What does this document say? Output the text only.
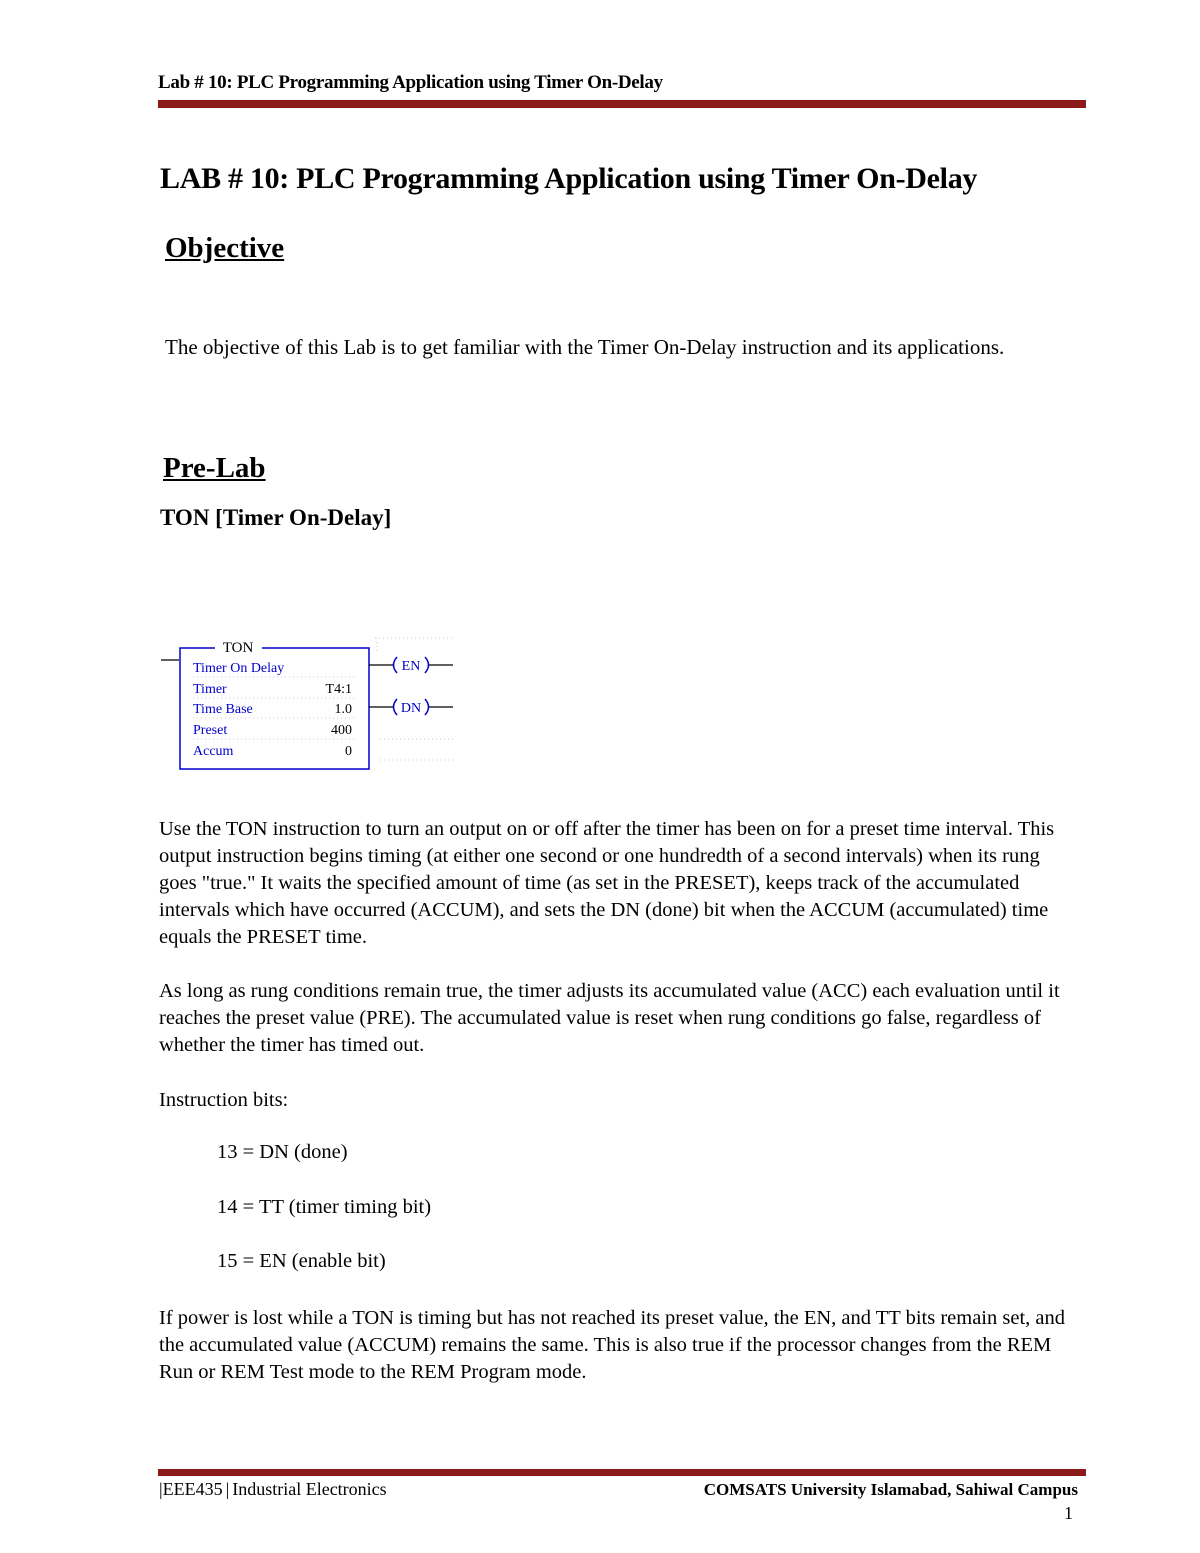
Lab # 10: PLC Programming Application using Timer On-Delay
LAB # 10: PLC Programming Application using Timer On-Delay
Objective
The objective of this Lab is to get familiar with the Timer On-Delay instruction and its applications.
Pre-Lab
TON [Timer On-Delay]
TON
Timer On Delay
Timer	T4:1
Time Base	1.0
Preset	400
Accum	0
EN
DN
Use the TON instruction to turn an output on or off after the timer has been on for a preset time interval. This output instruction begins timing (at either one second or one hundredth of a second intervals) when its rung goes "true." It waits the specified amount of time (as set in the PRESET), keeps track of the accumulated intervals which have occurred (ACCUM), and sets the DN (done) bit when the ACCUM (accumulated) time equals the PRESET time.
As long as rung conditions remain true, the timer adjusts its accumulated value (ACC) each evaluation until it reaches the preset value (PRE). The accumulated value is reset when rung conditions go false, regardless of whether the timer has timed out.
Instruction bits:
13 = DN (done)
14 = TT (timer timing bit)
15 = EN (enable bit)
If power is lost while a TON is timing but has not reached its preset value, the EN, and TT bits remain set, and the accumulated value (ACCUM) remains the same. This is also true if the processor changes from the REM Run or REM Test mode to the REM Program mode.
|EEE435 | Industrial Electronics	COMSATS University Islamabad, Sahiwal Campus
1
